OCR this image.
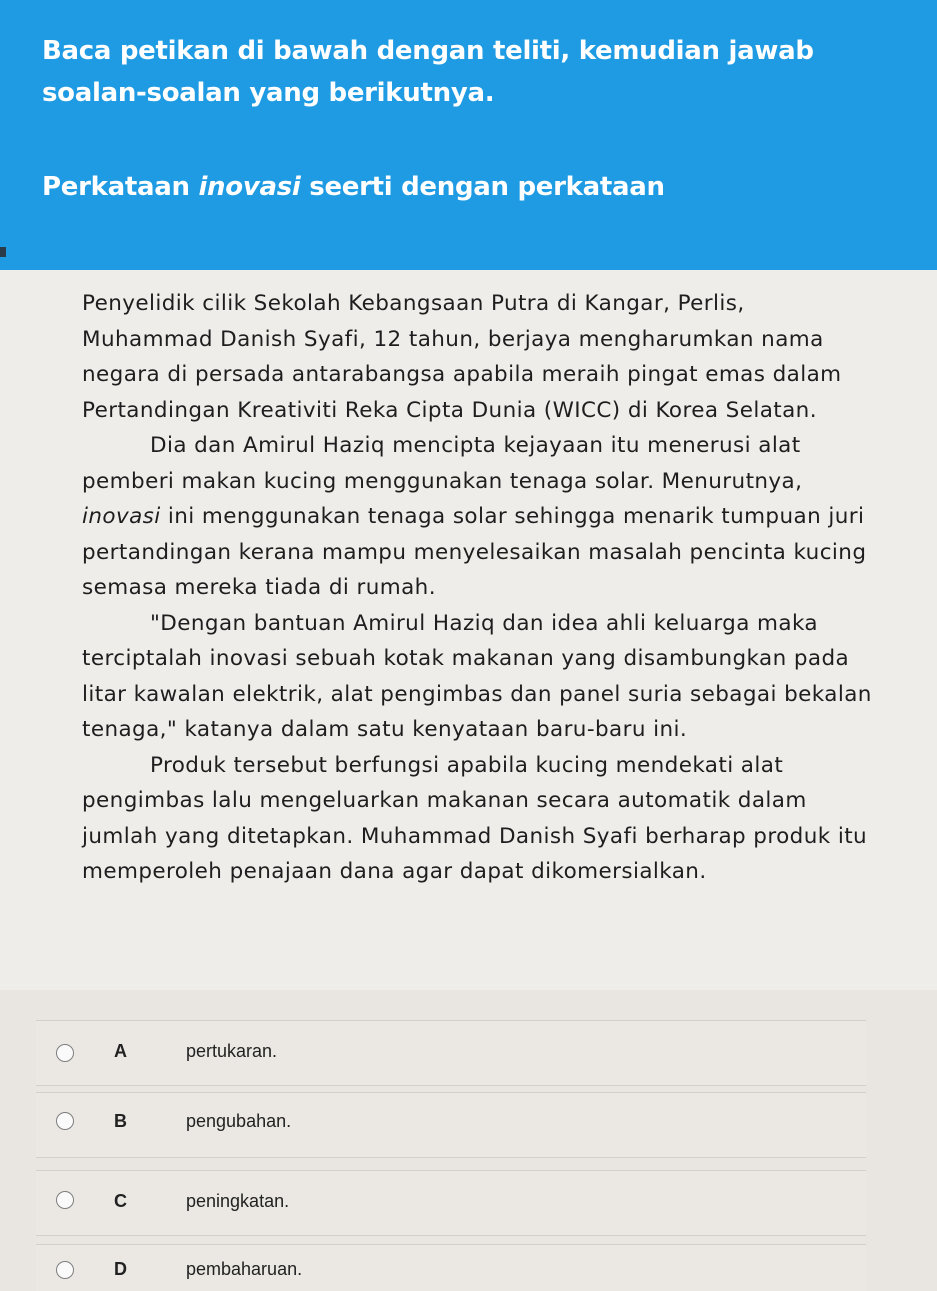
Baca petikan di bawah dengan teliti, kemudian jawab soalan-soalan yang berikutnya.
Perkataan inovasi seerti dengan perkataan

Penyelidik cilik Sekolah Kebangsaan Putra di Kangar, Perlis, Muhammad Danish Syafi, 12 tahun, berjaya mengharumkan nama negara di persada antarabangsa apabila meraih pingat emas dalam Pertandingan Kreativiti Reka Cipta Dunia (WICC) di Korea Selatan.

Dia dan Amirul Haziq mencipta kejayaan itu menerusi alat pemberi makan kucing menggunakan tenaga solar. Menurutnya, inovasi ini menggunakan tenaga solar sehingga menarik tumpuan juri pertandingan kerana mampu menyelesaikan masalah pencinta kucing semasa mereka tiada di rumah.

"Dengan bantuan Amirul Haziq dan idea ahli keluarga maka terciptalah inovasi sebuah kotak makanan yang disambungkan pada litar kawalan elektrik, alat pengimbas dan panel suria sebagai bekalan tenaga," katanya dalam satu kenyataan baru-baru ini.

Produk tersebut berfungsi apabila kucing mendekati alat pengimbas lalu mengeluarkan makanan secara automatik dalam jumlah yang ditetapkan. Muhammad Danish Syafi berharap produk itu memperoleh penajaan dana agar dapat dikomersialkan.

A	pertukaran.
B	pengubahan.
C	peningkatan.
D	pembaharuan.
